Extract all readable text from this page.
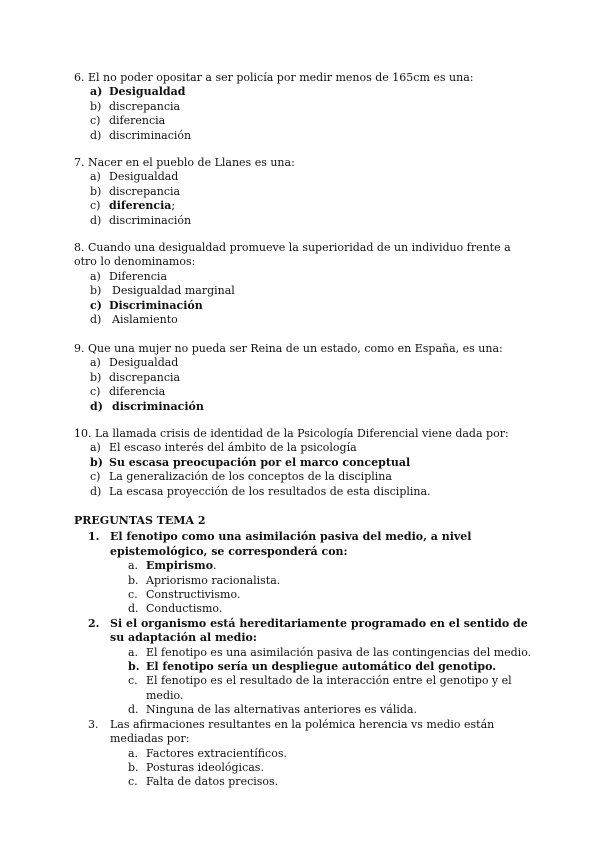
6. El no poder opositar a ser policía por medir menos de 165cm es una:
a) Desigualdad
b) discrepancia
c) diferencia
d) discriminación
7. Nacer en el pueblo de Llanes es una:
a) Desigualdad
b) discrepancia
c) diferencia;
d) discriminación
8. Cuando una desigualdad promueve la superioridad de un individuo frente a otro lo denominamos:
a) Diferencia
b) Desigualdad marginal
c) Discriminación
d) Aislamiento
9. Que una mujer no pueda ser Reina de un estado, como en España, es una:
a) Desigualdad
b) discrepancia
c) diferencia
d) discriminación
10. La llamada crisis de identidad de la Psicología Diferencial viene dada por:
a) El escaso interés del ámbito de la psicología
b) Su escasa preocupación por el marco conceptual
c) La generalización de los conceptos de la disciplina
d) La escasa proyección de los resultados de esta disciplina.
PREGUNTAS TEMA 2
1. El fenotipo como una asimilación pasiva del medio, a nivel epistemológico, se corresponderá con:
a. Empirismo.
b. Apriorismo racionalista.
c. Constructivismo.
d. Conductismo.
2. Si el organismo está hereditariamente programado en el sentido de su adaptación al medio:
a. El fenotipo es una asimilación pasiva de las contingencias del medio.
b. El fenotipo sería un despliegue automático del genotipo.
c. El fenotipo es el resultado de la interacción entre el genotipo y el medio.
d. Ninguna de las alternativas anteriores es válida.
3. Las afirmaciones resultantes en la polémica herencia vs medio están mediadas por:
a. Factores extracientíficos.
b. Posturas ideológicas.
c. Falta de datos precisos.
